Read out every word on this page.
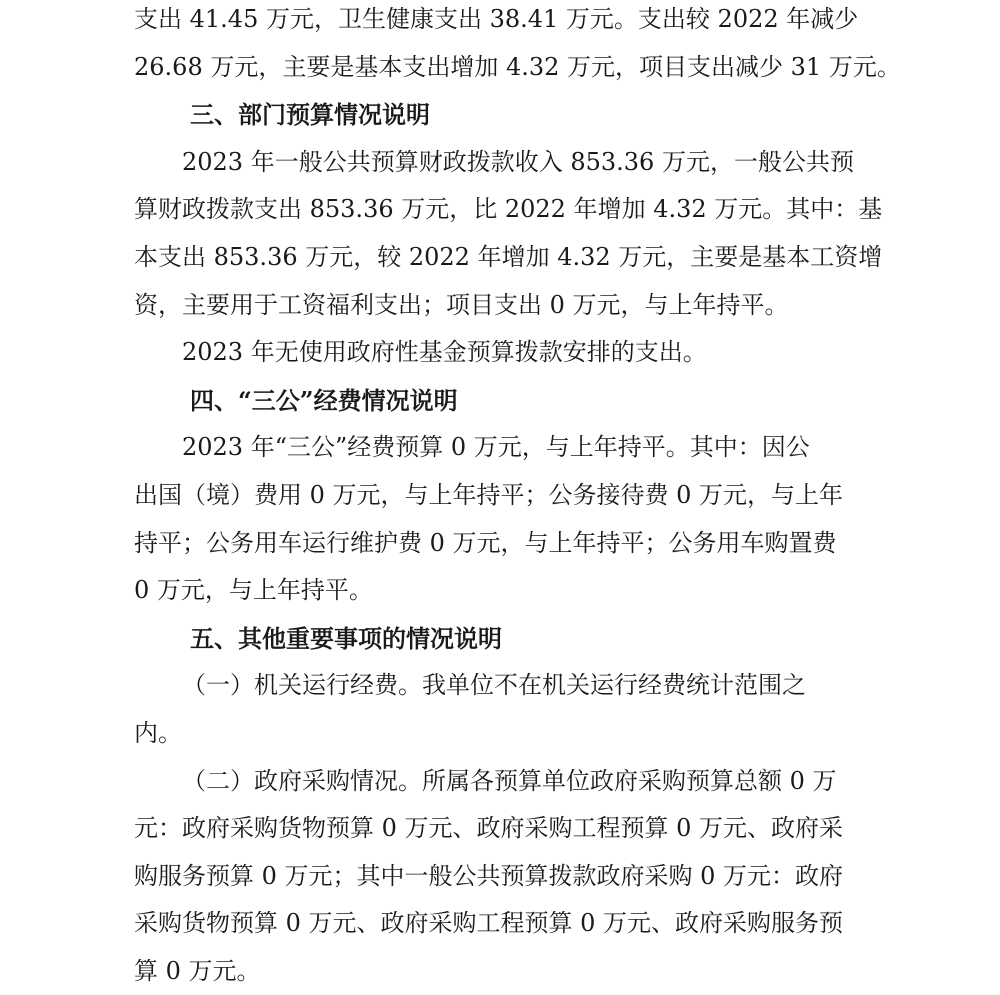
支出 41.45 万元，卫生健康支出 38.41 万元。支出较 2022 年减少
26.68 万元，主要是基本支出增加 4.32 万元，项目支出减少 31 万元。
三、部门预算情况说明
2023 年一般公共预算财政拨款收入 853.36 万元，一般公共预
算财政拨款支出 853.36 万元，比 2022 年增加 4.32 万元。其中：基
本支出 853.36 万元，较 2022 年增加 4.32 万元，主要是基本工资增
资，主要用于工资福利支出；项目支出 0 万元，与上年持平。
2023 年无使用政府性基金预算拨款安排的支出。
四、“三公”经费情况说明
2023 年“三公”经费预算 0 万元，与上年持平。其中：因公
出国（境）费用 0 万元，与上年持平；公务接待费 0 万元，与上年
持平；公务用车运行维护费 0 万元，与上年持平；公务用车购置费
0 万元，与上年持平。
五、其他重要事项的情况说明
（一）机关运行经费。我单位不在机关运行经费统计范围之
内。
（二）政府采购情况。所属各预算单位政府采购预算总额 0 万
元：政府采购货物预算 0 万元、政府采购工程预算 0 万元、政府采
购服务预算 0 万元；其中一般公共预算拨款政府采购 0 万元：政府
采购货物预算 0 万元、政府采购工程预算 0 万元、政府采购服务预
算 0 万元。
